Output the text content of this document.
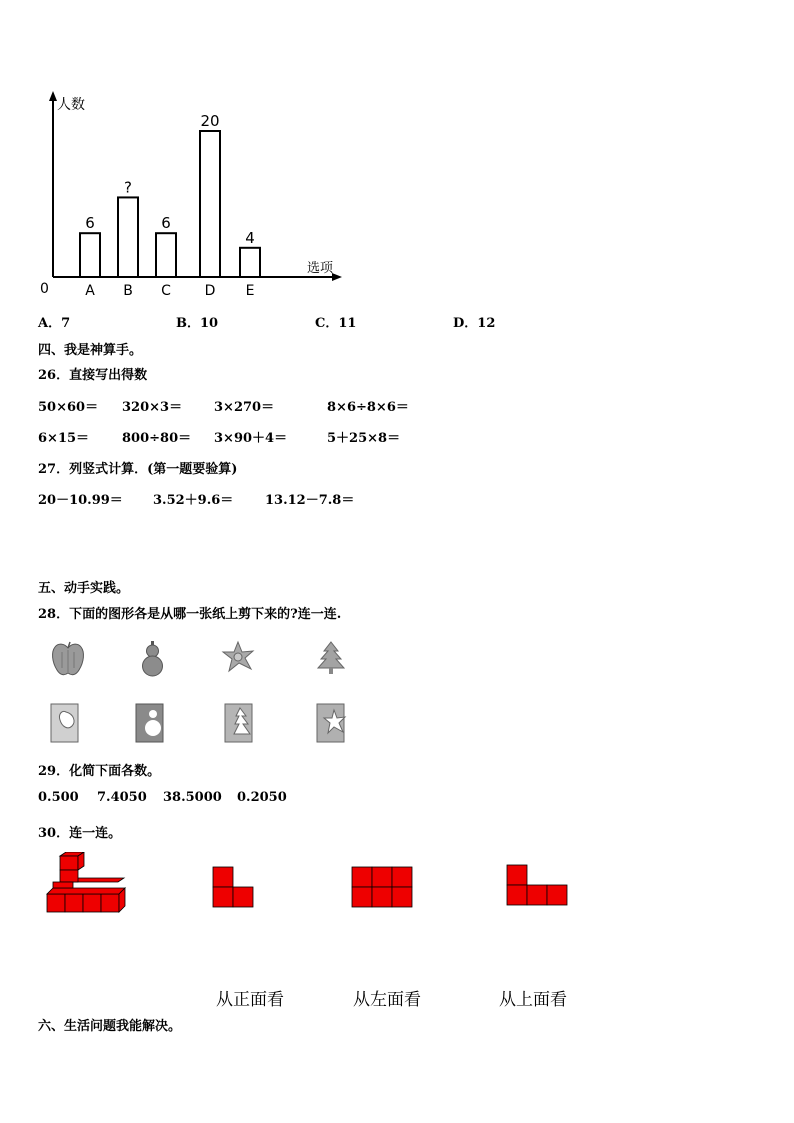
人数
选项
0
6
A
?
B
6
C
20
D
4
E
A．7	B．10	C．11	D．12
四、我是神算手。
26．直接写出得数
50×60＝ 320×3＝ 3×270＝	8×6÷8×6＝
6×15＝	800÷80＝ 3×90＋4＝	5＋25×8＝
27．列竖式计算．(第一题要验算)
20－10.99＝ 3.52＋9.6＝ 13.12－7.8＝
五、动手实践。
28．下面的图形各是从哪一张纸上剪下来的?连一连.
29．化简下面各数。
0.500 7.4050 38.5000 0.2050
30．连一连。
从正面看	从左面看	从上面看
六、生活问题我能解决。
